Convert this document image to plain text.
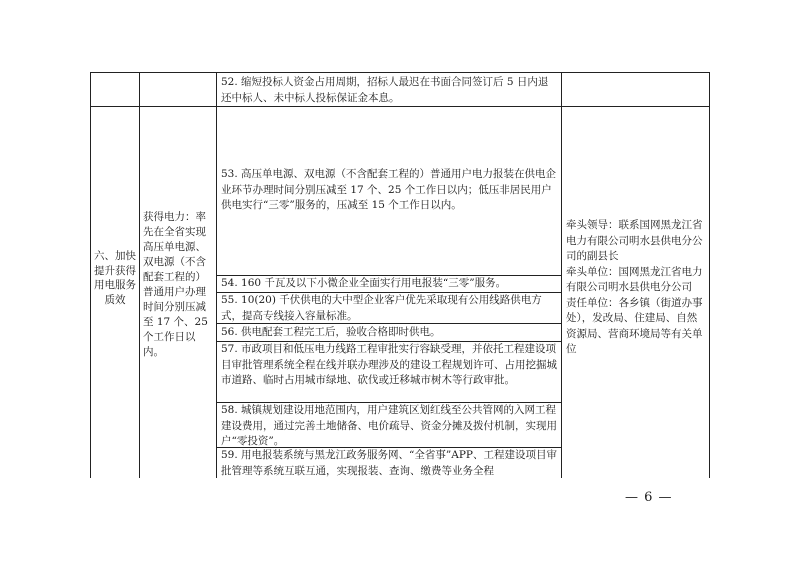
52. 缩短投标人资金占用周期，招标人最迟在书面合同签订后 5 日内退还中标人、未中标人投标保证金本息。
六、加快提升获得用电服务质效
获得电力：率先在全省实现高压单电源、双电源（不含配套工程的）普通用户办理时间分别压减至 17 个、25 个工作日以内。
53. 高压单电源、双电源（不含配套工程的）普通用户电力报装在供电企业环节办理时间分别压减至 17 个、25 个工作日以内；低压非居民用户供电实行“三零”服务的，压减至 15 个工作日以内。
54. 160 千瓦及以下小微企业全面实行用电报装“三零”服务。
55. 10(20) 千伏供电的大中型企业客户优先采取现有公用线路供电方式，提高专线接入容量标准。
56. 供电配套工程完工后，验收合格即时供电。
57. 市政项目和低压电力线路工程审批实行容缺受理，并依托工程建设项目审批管理系统全程在线并联办理涉及的建设工程规划许可、占用挖掘城市道路、临时占用城市绿地、砍伐或迁移城市树木等行政审批。
58. 城镇规划建设用地范围内，用户建筑区划红线至公共管网的入网工程建设费用，通过完善土地储备、电价疏导、资金分摊及拨付机制，实现用户“零投资”。
59. 用电报装系统与黑龙江政务服务网、“全省事”APP、工程建设项目审批管理等系统互联互通，实现报装、查询、缴费等业务全程
牵头领导：联系国网黑龙江省电力有限公司明水县供电分公司的副县长
牵头单位：国网黑龙江省电力有限公司明水县供电分公司
责任单位：各乡镇（街道办事处），发改局、住建局、自然资源局、营商环境局等有关单位
— 6 —
